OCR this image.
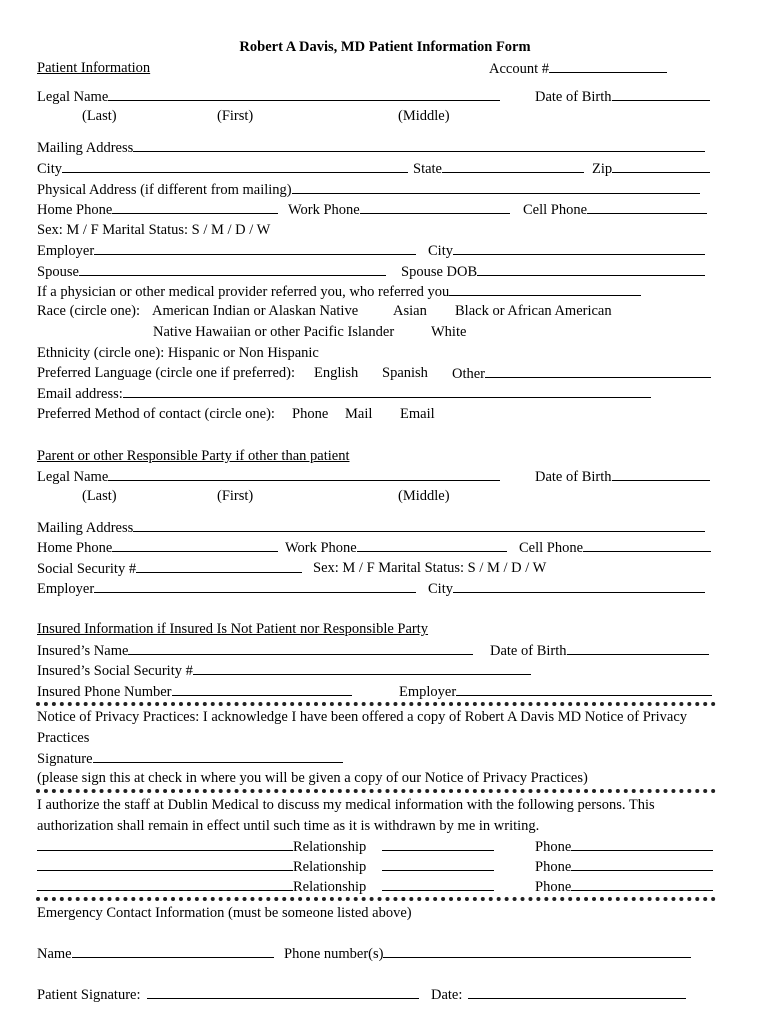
Robert A Davis, MD Patient Information Form
Patient Information	Account #
Legal Name	Date of Birth
(Last)	(First)	(Middle)
Mailing Address
City	State	Zip
Physical Address (if different from mailing)
Home Phone	Work Phone	Cell Phone
Sex: M / F Marital Status: S / M / D / W
Employer	City
Spouse	Spouse DOB
If a physician or other medical provider referred you, who referred you
Race (circle one): American Indian or Alaskan Native Asian Black or African American
Native Hawaiian or other Pacific Islander	White
Ethnicity (circle one): Hispanic or Non Hispanic
Preferred Language (circle one if preferred): English Spanish Other
Email address:
Preferred Method of contact (circle one): Phone Mail Email
Parent or other Responsible Party if other than patient
Legal Name	Date of Birth
(Last)	(First)	(Middle)
Mailing Address
Home Phone	Work Phone	Cell Phone
Social Security #	Sex: M / F Marital Status: S / M / D / W
Employer	City
Insured Information if Insured Is Not Patient nor Responsible Party
Insured’s Name	Date of Birth
Insured’s Social Security #
Insured Phone Number	Employer
Notice of Privacy Practices: I acknowledge I have been offered a copy of Robert A Davis MD Notice of Privacy
Practices
Signature
(please sign this at check in where you will be given a copy of our Notice of Privacy Practices)
I authorize the staff at Dublin Medical to discuss my medical information with the following persons. This
authorization shall remain in effect until such time as it is withdrawn by me in writing.
Relationship	Phone
Relationship	Phone
Relationship	Phone
Emergency Contact Information (must be someone listed above)
Name	Phone number(s)
Patient Signature:	Date:
